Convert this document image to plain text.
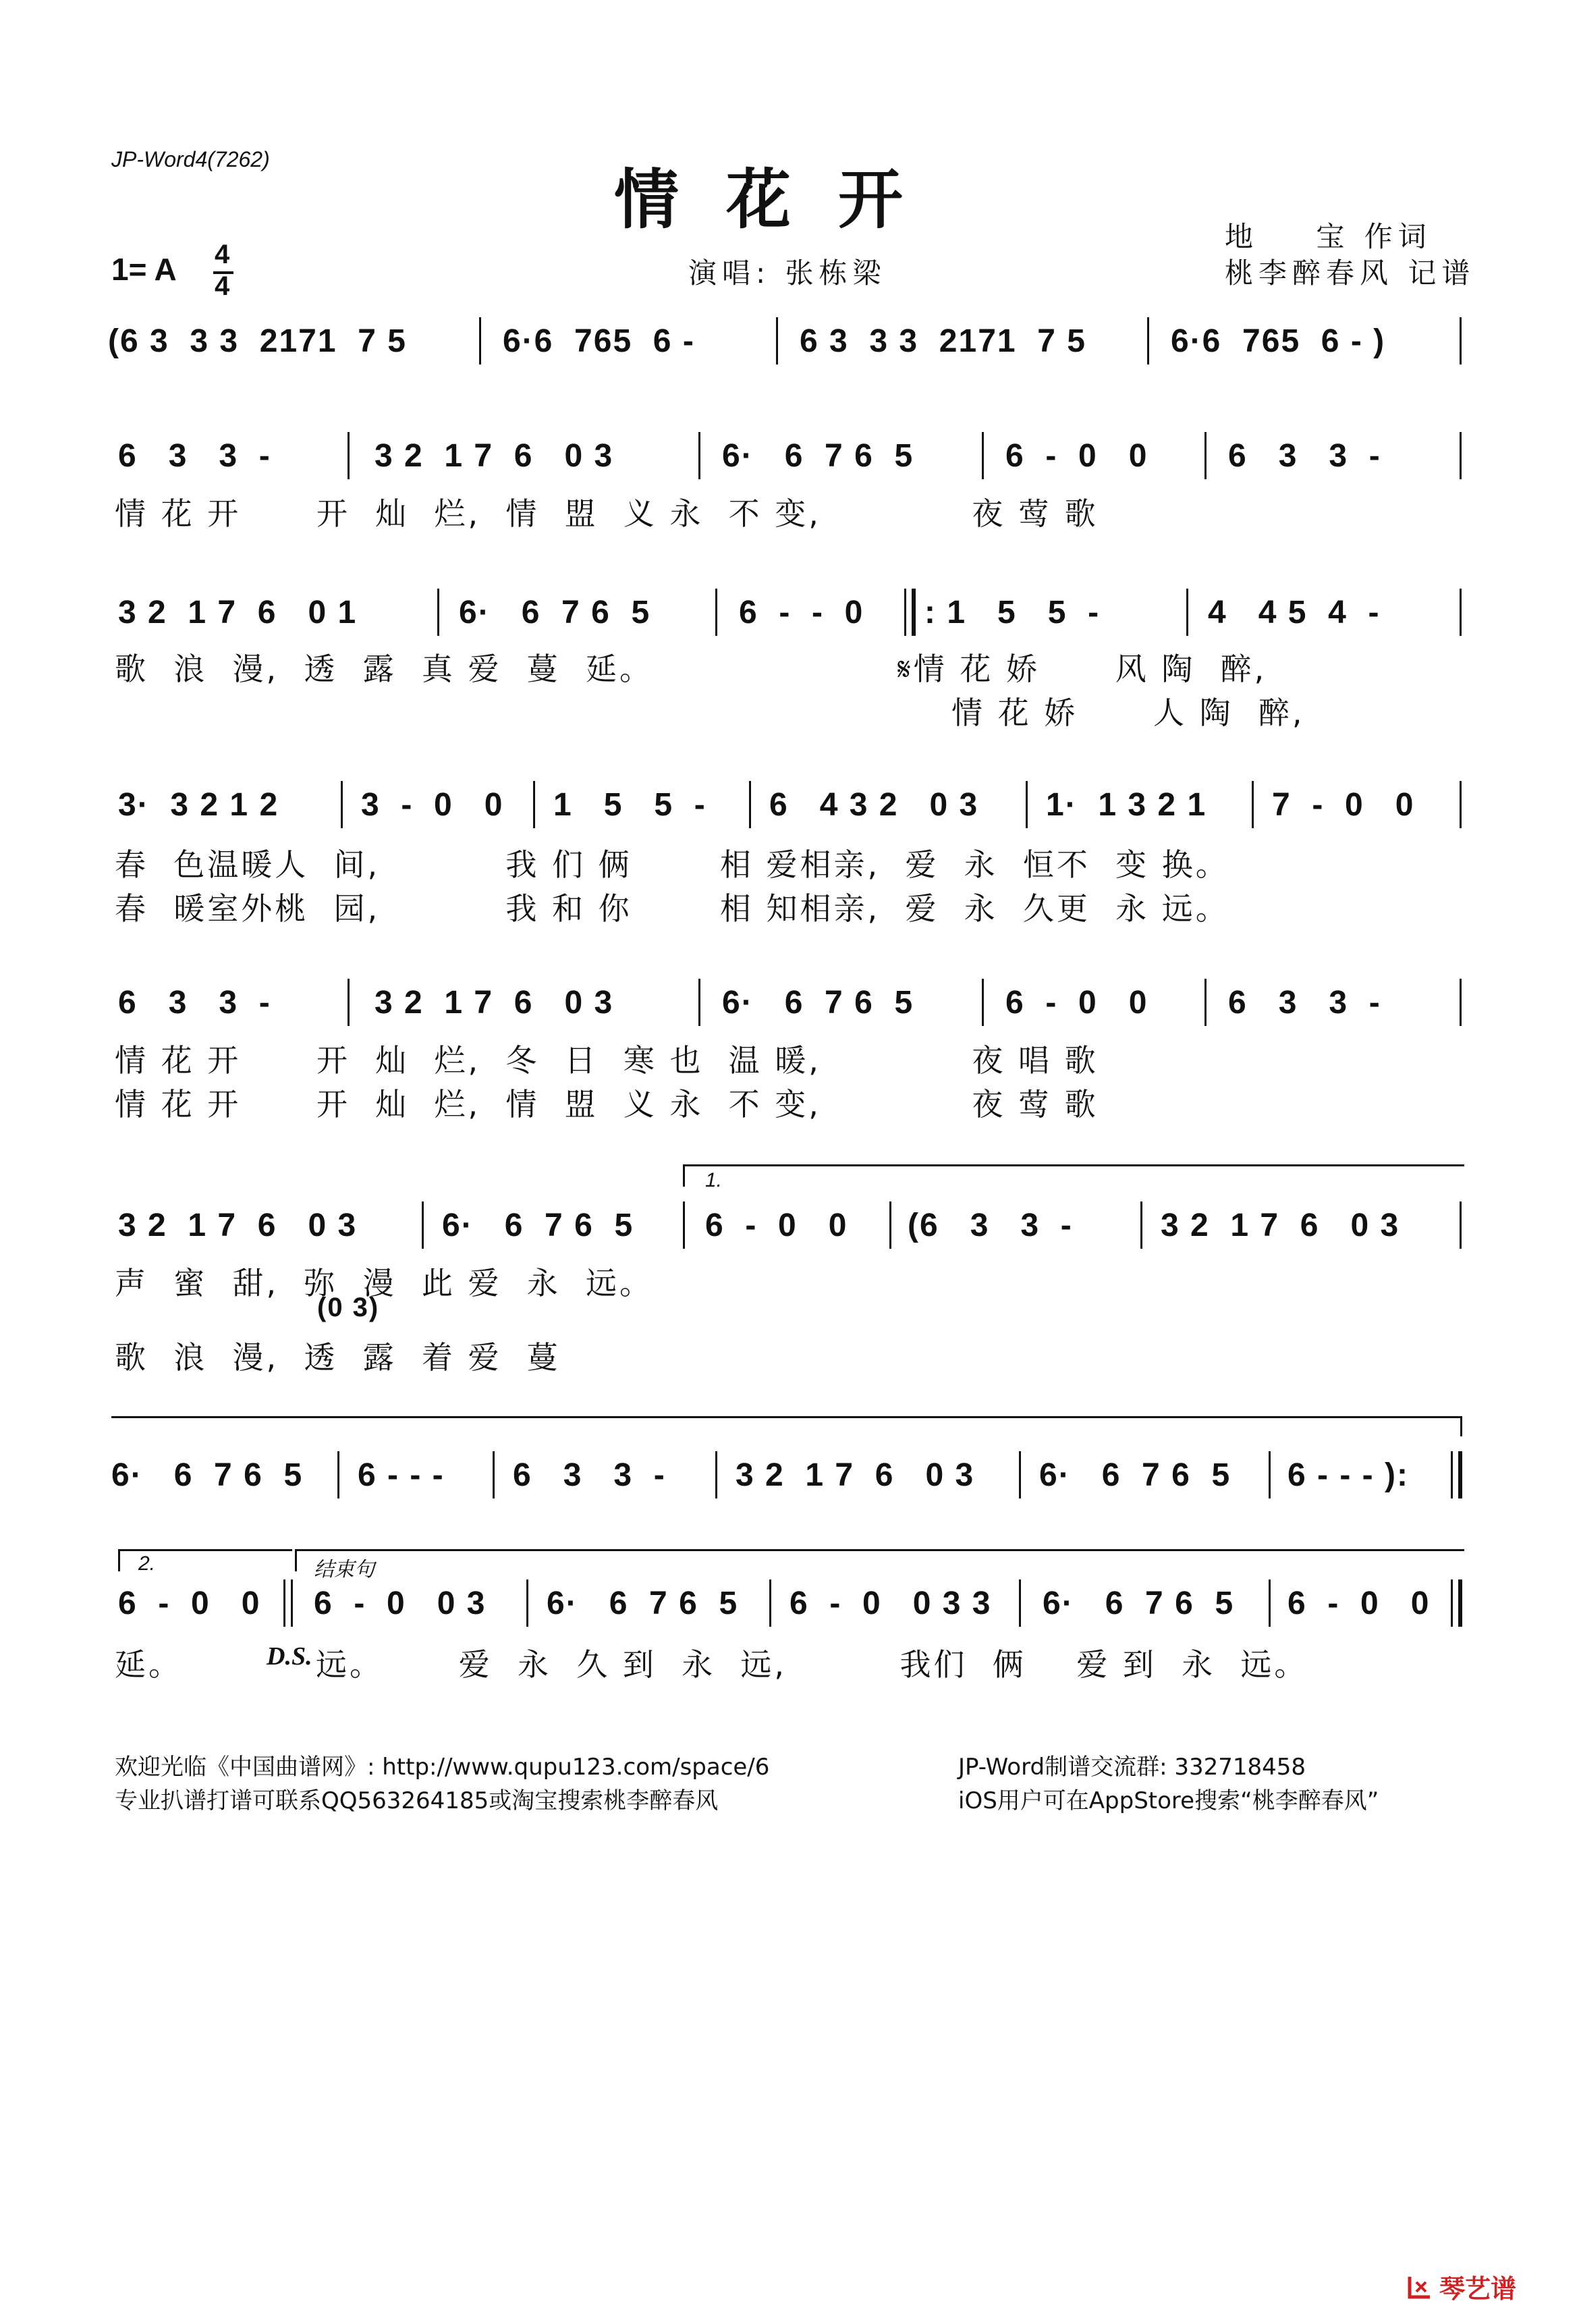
JP-Word4(7262)
情花开	地    宝 作词
桃李醉春风 记谱
1= A 4
4	演唱: 张栋梁
(6 3  3 3  2171  7 5	6·6  765  6 -	6 3  3 3  2171  7 5	6·6  765  6 - )
6   3   3  -	3 2  1 7  6   0 3	6·   6  7 6  5	6  -  0   0 6   3   3  -
情 花 开      开  灿  烂,  情  盟  义 永  不 变,            夜 莺 歌
3 2  1 7  6   0 1	6·   6  7 6  5	6  -  -  0 : 1   5   5  -	4   4 5  4  -
歌  浪  漫,  透  露  真 爱  蔓  延。	𝄋情 花 娇      风 陶  醉,
情 花 娇      人 陶  醉,
3·  3 2 1 2	3  -  0   0 1   5   5  - 6   4 3 2   0 3 1·  1 3 2 1 7  -  0   0
春  色温暖人  间,          我 们 俩       相 爱相亲,  爱  永  恒不  变 换。
春  暖室外桃  园,          我 和 你       相 知相亲,  爱  永  久更  永 远。
6   3   3  -	3 2  1 7  6   0 3	6·   6  7 6  5	6  -  0   0 6   3   3  -
情 花 开      开  灿  烂,  冬  日  寒 也  温 暖,            夜 唱 歌
情 花 开      开  灿  烂,  情  盟  义 永  不 变,            夜 莺 歌
1.
3 2  1 7  6   0 3	6·   6  7 6  5 6  -  0   0 (6   3   3  -	3 2  1 7  6   0 3
声  蜜  甜,  弥  漫  此 爱  永  远。
(0 3)
歌  浪  漫,  透  露  着 爱  蔓
6·   6  7 6  5 6 - - - 6   3   3  - 3 2  1 7  6   0 3 6·   6  7 6  5 6 - - - ):
2.	结束句
6  -  0   0 6  -  0   0 3 6·   6  7 6  5 6  -  0   0 3 3 6·   6  7 6  5 6  -  0   0
延。	D.S. 远。      爱  永  久 到  永  远,         我们  俩    爱 到  永  远。
欢迎光临《中国曲谱网》: http://www.qupu123.com/space/6	JP-Word制谱交流群: 332718458
专业扒谱打谱可联系QQ563264185或淘宝搜索桃李醉春风	iOS用户可在AppStore搜索“桃李醉春风”
琴艺谱
